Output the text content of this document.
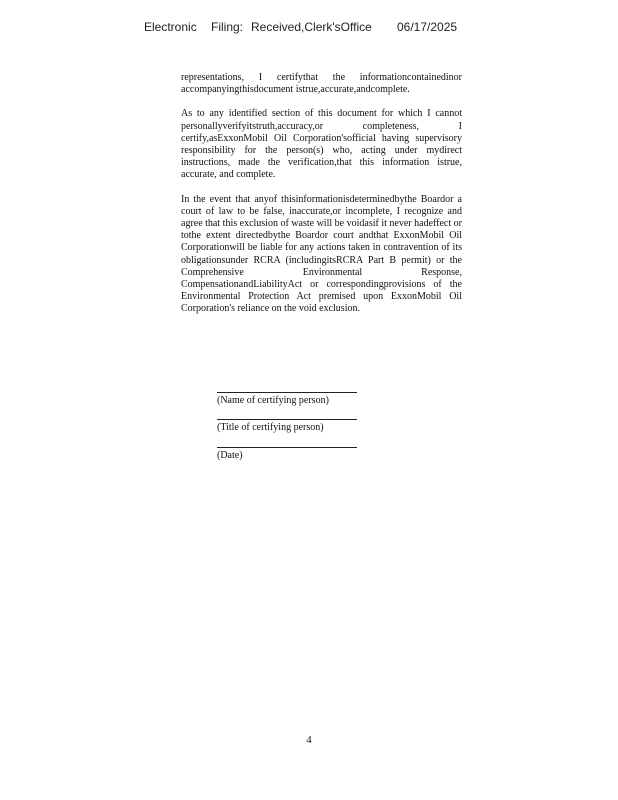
Electronic Filing: Received,Clerk'sOffice 06/17/2025

representations, I certifythat the informationcontainedinor accompanyingthisdocument istrue,accurate,andcomplete.

As to any identified section of this document for which I cannot personallyverifyitstruth,accuracy,or completeness, I certify,asExxonMobil Oil Corporation'sofficial having supervisory responsibility for the person(s) who, acting under mydirect instructions, made the verification,that this information istrue, accurate, and complete.

In the event that anyof thisinformationisdeterminedbythe Boardor a court of law to be false, inaccurate,or incomplete, I recognize and agree that this exclusion of waste will be voidasif it never hadeffect or tothe extent directedbythe Boardor court andthat ExxonMobil Oil Corporationwill be liable for any actions taken in contravention of its obligationsunder RCRA (includingitsRCRA Part B permit) or the Comprehensive Environmental Response, CompensationandLiabilityAct or correspondingprovisions of the Environmental Protection Act premised upon ExxonMobil Oil Corporation's reliance on the void exclusion.

(Name of certifying person)
(Title of certifying person)
(Date)
4
